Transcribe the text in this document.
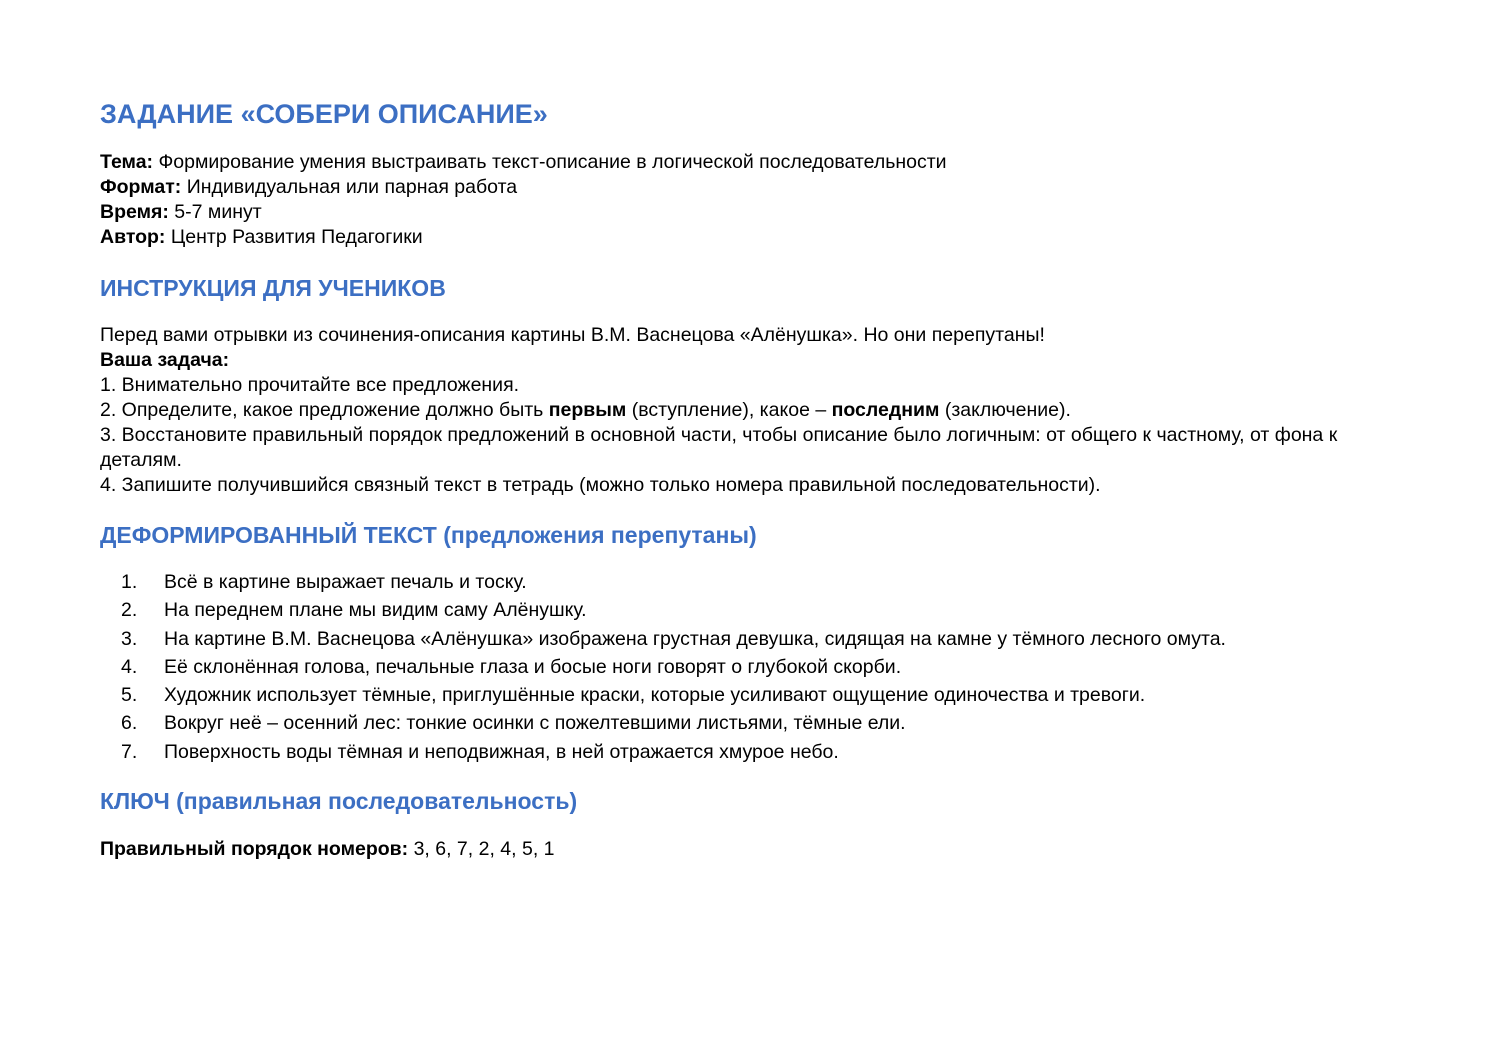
ЗАДАНИЕ «СОБЕРИ ОПИСАНИЕ»
Тема: Формирование умения выстраивать текст-описание в логической последовательности
Формат: Индивидуальная или парная работа
Время: 5-7 минут
Автор: Центр Развития Педагогики
ИНСТРУКЦИЯ ДЛЯ УЧЕНИКОВ
Перед вами отрывки из сочинения-описания картины В.М. Васнецова «Алёнушка». Но они перепутаны!
Ваша задача:
1. Внимательно прочитайте все предложения.
2. Определите, какое предложение должно быть первым (вступление), какое – последним (заключение).
3. Восстановите правильный порядок предложений в основной части, чтобы описание было логичным: от общего к частному, от фона к деталям.
4. Запишите получившийся связный текст в тетрадь (можно только номера правильной последовательности).
ДЕФОРМИРОВАННЫЙ ТЕКСТ (предложения перепутаны)
1.	Всё в картине выражает печаль и тоску.
2.	На переднем плане мы видим саму Алёнушку.
3.	На картине В.М. Васнецова «Алёнушка» изображена грустная девушка, сидящая на камне у тёмного лесного омута.
4.	Её склонённая голова, печальные глаза и босые ноги говорят о глубокой скорби.
5.	Художник использует тёмные, приглушённые краски, которые усиливают ощущение одиночества и тревоги.
6.	Вокруг неё – осенний лес: тонкие осинки с пожелтевшими листьями, тёмные ели.
7.	Поверхность воды тёмная и неподвижная, в ней отражается хмурое небо.
КЛЮЧ (правильная последовательность)
Правильный порядок номеров: 3, 6, 7, 2, 4, 5, 1
